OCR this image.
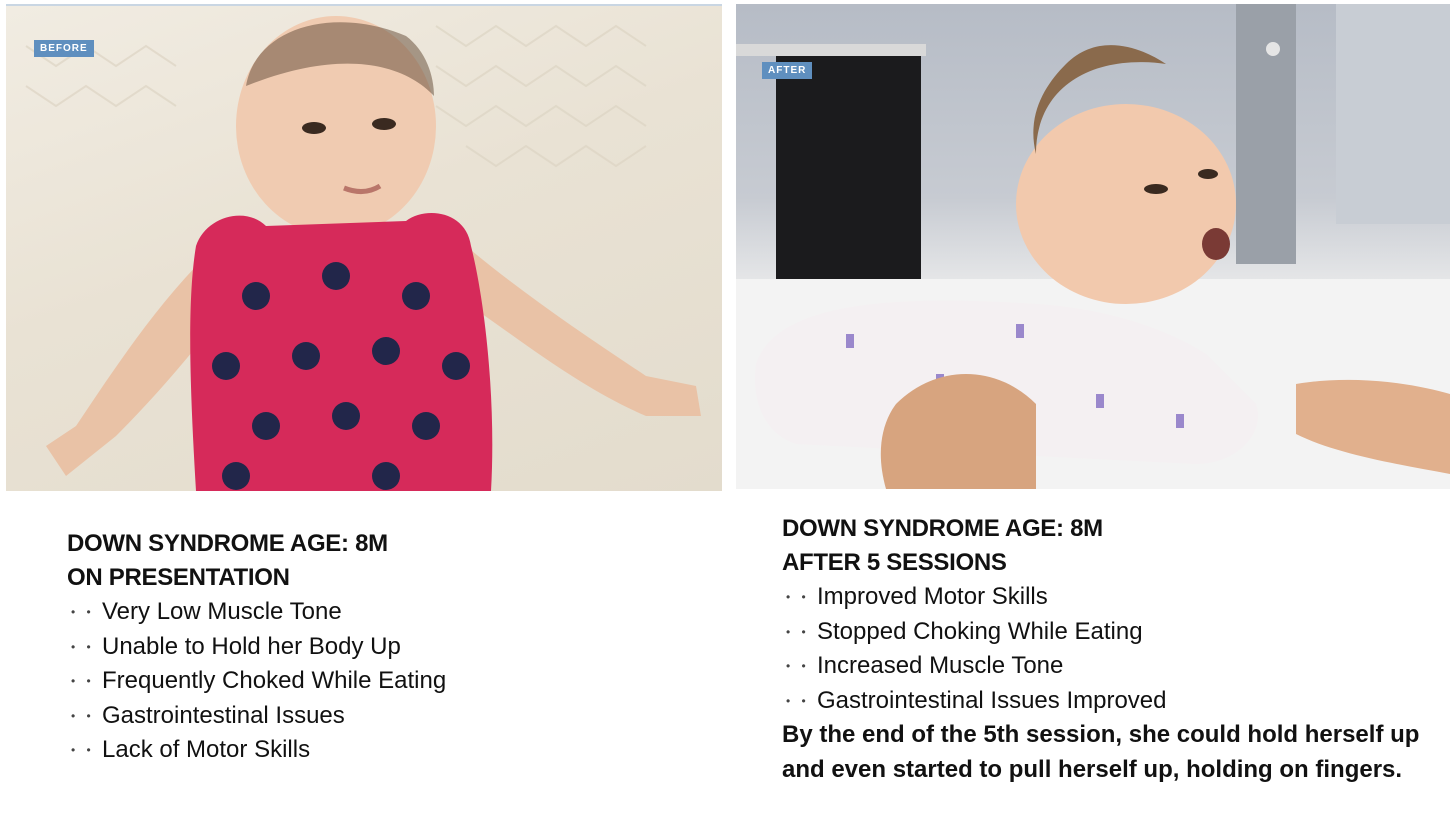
BEFORE
AFTER

DOWN SYNDROME AGE: 8M

ON PRESENTATION

• • Very Low Muscle Tone
• • Unable to Hold her Body Up
• • Frequently Choked While Eating
• • Gastrointestinal Issues
• • Lack of Motor Skills

DOWN SYNDROME AGE: 8M

AFTER 5 SESSIONS

• • Improved Motor Skills
• • Stopped Choking While Eating
• • Increased Muscle Tone
• • Gastrointestinal Issues Improved

By the end of the 5th session, she could hold herself up and even started to pull herself up, holding on fingers.
